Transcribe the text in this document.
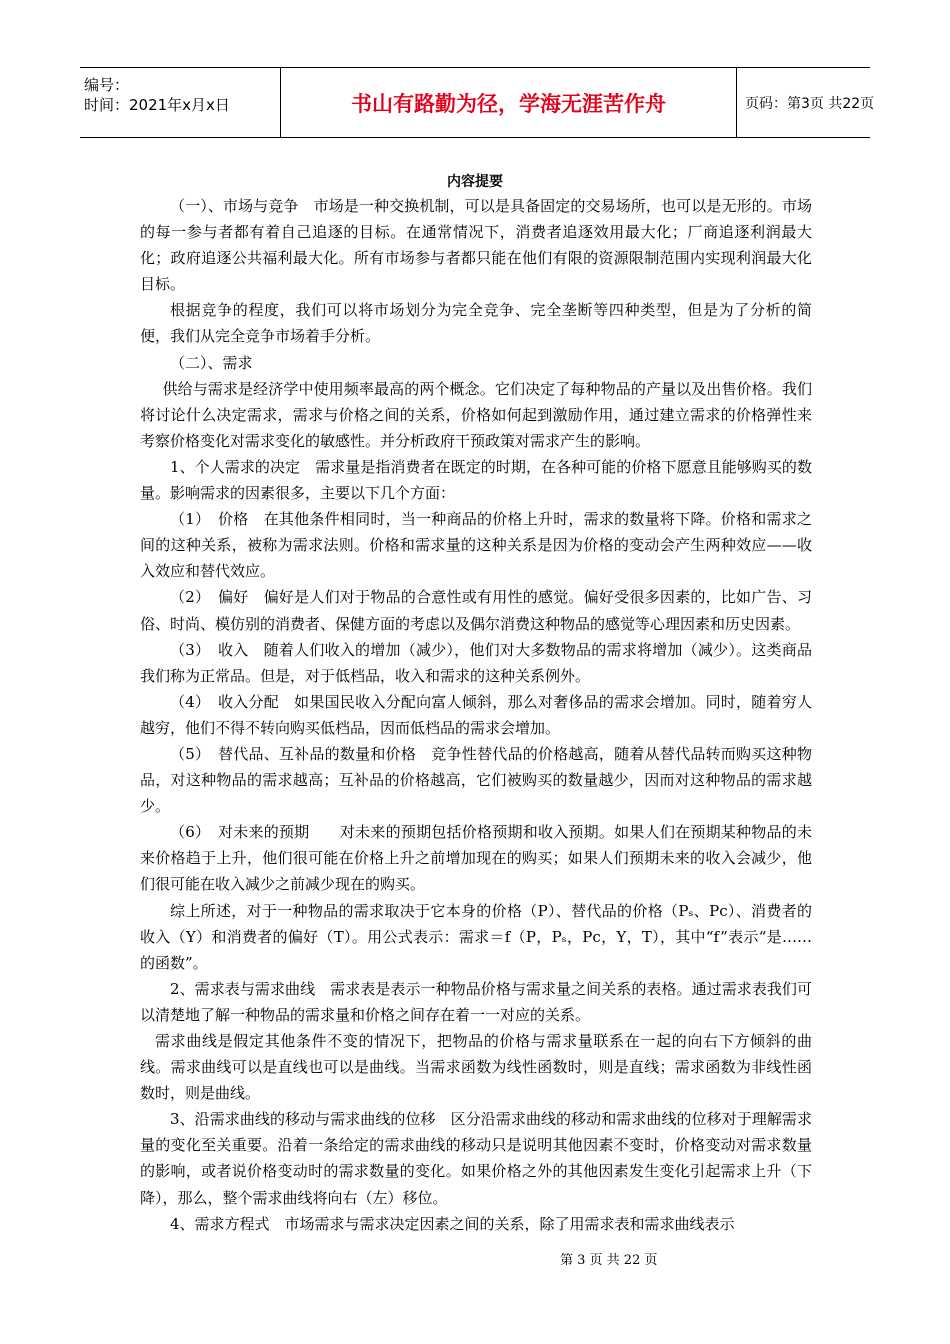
编号：
时间：2021年x月x日	书山有路勤为径，学海无涯苦作舟	页码：第3页 共22页
内容提要

（一）、市场与竞争　市场是一种交换机制，可以是具备固定的交易场所，也可以是无形的。市场的每一参与者都有着自己追逐的目标。在通常情况下，消费者追逐效用最大化；厂商追逐利润最大化；政府追逐公共福利最大化。所有市场参与者都只能在他们有限的资源限制范围内实现利润最大化目标。

根据竞争的程度，我们可以将市场划分为完全竞争、完全垄断等四种类型，但是为了分析的简便，我们从完全竞争市场着手分析。

（二）、需求

供给与需求是经济学中使用频率最高的两个概念。它们决定了每种物品的产量以及出售价格。我们将讨论什么决定需求，需求与价格之间的关系，价格如何起到激励作用，通过建立需求的价格弹性来考察价格变化对需求变化的敏感性。并分析政府干预政策对需求产生的影响。

1、个人需求的决定　需求量是指消费者在既定的时期，在各种可能的价格下愿意且能够购买的数量。影响需求的因素很多，主要以下几个方面：

（1）　价格　在其他条件相同时，当一种商品的价格上升时，需求的数量将下降。价格和需求之间的这种关系，被称为需求法则。价格和需求量的这种关系是因为价格的变动会产生两种效应——收入效应和替代效应。

（2）　偏好　偏好是人们对于物品的合意性或有用性的感觉。偏好受很多因素的，比如广告、习俗、时尚、模仿别的消费者、保健方面的考虑以及偶尔消费这种物品的感觉等心理因素和历史因素。

（3）　收入　随着人们收入的增加（减少），他们对大多数物品的需求将增加（减少）。这类商品我们称为正常品。但是，对于低档品，收入和需求的这种关系例外。

（4）　收入分配　如果国民收入分配向富人倾斜，那么对奢侈品的需求会增加。同时，随着穷人越穷，他们不得不转向购买低档品，因而低档品的需求会增加。

（5）　替代品、互补品的数量和价格　竞争性替代品的价格越高，随着从替代品转而购买这种物品，对这种物品的需求越高；互补品的价格越高，它们被购买的数量越少，因而对这种物品的需求越少。

（6）　对未来的预期　　对未来的预期包括价格预期和收入预期。如果人们在预期某种物品的未来价格趋于上升，他们很可能在价格上升之前增加现在的购买；如果人们预期未来的收入会减少，他们很可能在收入减少之前减少现在的购买。

综上所述，对于一种物品的需求取决于它本身的价格（P）、替代品的价格（Pₛ、Pc）、消费者的收入（Y）和消费者的偏好（T）。用公式表示：需求＝f（P，Pₛ，Pc，Y，T），其中“f”表示“是……的函数”。

2、需求表与需求曲线　需求表是表示一种物品价格与需求量之间关系的表格。通过需求表我们可以清楚地了解一种物品的需求量和价格之间存在着一一对应的关系。

需求曲线是假定其他条件不变的情况下，把物品的价格与需求量联系在一起的向右下方倾斜的曲线。需求曲线可以是直线也可以是曲线。当需求函数为线性函数时，则是直线；需求函数为非线性函数时，则是曲线。

3、沿需求曲线的移动与需求曲线的位移　区分沿需求曲线的移动和需求曲线的位移对于理解需求量的变化至关重要。沿着一条给定的需求曲线的移动只是说明其他因素不变时，价格变动对需求数量的影响，或者说价格变动时的需求数量的变化。如果价格之外的其他因素发生变化引起需求上升（下降），那么，整个需求曲线将向右（左）移位。

4、需求方程式　市场需求与需求决定因素之间的关系，除了用需求表和需求曲线表示

第 3 页 共 22 页
